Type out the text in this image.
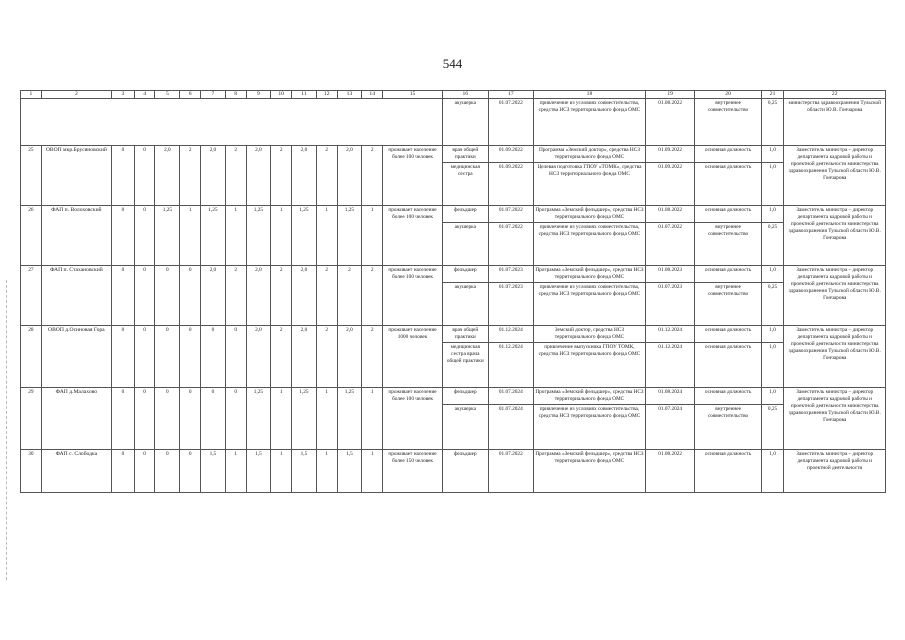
544
1	2	3	4	5	6	7	8	9	10	11	12	13	14	15	16	17	18	19	20	21	22
															акушерка	01.07.2022	привлечение из условиях совместительства, средства НСЗ территориального фонда ОМС	01.08.2022	внутреннее совместительство	0,25	министерства здравоохранения Тульской области Ю.В. Гончарова
25	ОВОП мкр.Брусяновский	0	0	2,0	2	2,0	2	2,0	2	2,0	2	2,0	2	проживает население более 100 человек	врач общей практики	01.09.2022	Программа «Земский доктор», средства НСЗ территориального фонда ОМС	01.09.2022	основная должность	1,0	Заместитель министра – директор департамента кадровой работы и проектной деятельности министерства здравоохранения Тульской области Ю.В. Гончарова
															медицинская сестра	01.09.2022	Целевая подготовка ГПОУ «ТОМК», средства НСЗ территориального фонда ОМС	01.09.2022	основная должность	1,0	
26	ФАП п. Волоховский	0	0	1,25	1	1,25	1	1,25	1	1,25	1	1,25	1	проживает население более 100 человек	фельдшер	01.07.2022	Программа «Земский фельдшер», средства НСЗ территориального фонда ОМС	01.08.2022	основная должность	1,0	Заместитель министра – директор департамента кадровой работы и проектной деятельности министерства здравоохранения Тульской области Ю.В. Гончарова
															акушерка	01.07.2022	привлечение из условиях совместительства, средства НСЗ территориального фонда ОМС	01.07.2022	внутреннее совместительство	0,25	
27	ФАП п. Стахановский	0	0	0	0	2,0	2	2,0	2	2,0	2	2	2	проживает население более 100 человек	фельдшер	01.07.2023	Программа «Земский фельдшер», средства НСЗ территориального фонда ОМС	01.08.2023	основная должность	1,0	Заместитель министра – директор департамента кадровой работы и проектной деятельности министерства здравоохранения Тульской области Ю.В. Гончарова
															акушерка	01.07.2023	привлечение из условиях совместительства, средства НСЗ территориального фонда ОМС	01.07.2023	внутреннее совместительство	0,25	
28	ОВОП д.Осиновая Гора	0	0	0	0	0	0	2,0	2	2,0	2	2,0	2	проживает население 1000 человек	врач общей практики	01.12.2024	Земский доктор, средства НСЗ территориального фонда ОМС	01.12.2024	основная должность	1,0	Заместитель министра – директор департамента кадровой работы и проектной деятельности министерства здравоохранения Тульской области Ю.В. Гончарова
															медицинская сестра врача общей практики	01.12.2024	привлечение выпускника ГПОУ ТОМК, средства НСЗ территориального фонда ОМС	01.12.2024	основная должность	1,0	
29	ФАП д.Малахово	0	0	0	0	0	0	1,25	1	1,25	1	1,25	1	проживает население более 100 человек	фельдшер	01.07.2024	Программа «Земский фельдшер», средства НСЗ территориального фонда ОМС	01.08.2024	основная должность	1,0	Заместитель министра – директор департамента кадровой работы и проектной деятельности министерства здравоохранения Тульской области Ю.В. Гончарова
															акушерка	01.07.2024	привлечение из условиях совместительства, средства НСЗ территориального фонда ОМС	01.07.2024	внутреннее совместительство	0,25	
30	ФАП с. Слободка	0	0	0	0	1,5	1	1,5	1	1,5	1	1,5	1	проживает население более 150 человек	фельдшер	01.07.2022	Программа «Земский фельдшер», средства НСЗ территориального фонда ОМС	01.08.2022	основная должность	1,0	Заместитель министра – директор департамента кадровой работы и проектной деятельности
